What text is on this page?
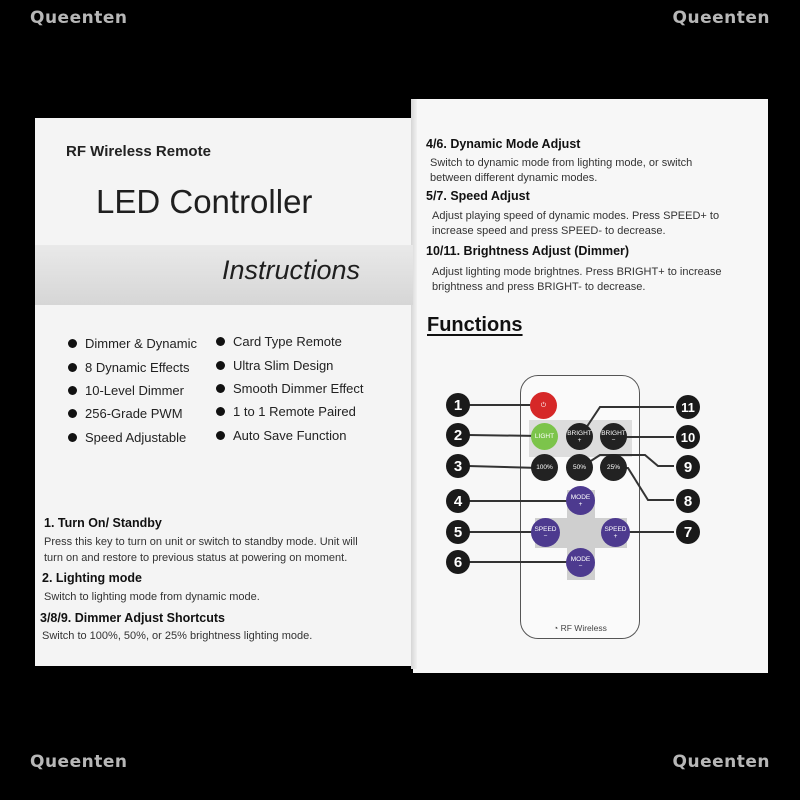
Queenten	Queenten
Queenten	Queenten
RF Wireless Remote
LED Controller
Instructions
Dimmer & Dynamic
8 Dynamic Effects
10-Level Dimmer
256-Grade PWM
Speed Adjustable
Card Type Remote
Ultra Slim Design
Smooth Dimmer Effect
1 to 1 Remote Paired
Auto Save Function
1. Turn On/ Standby
Press this key to turn on unit or switch to standby mode. Unit will
turn on and restore to previous status at powering on moment.
2. Lighting mode
Switch to lighting mode from dynamic mode.
3/8/9. Dimmer Adjust Shortcuts
Switch to 100%, 50%, or 25% brightness lighting mode.
4/6. Dynamic Mode Adjust
Switch to dynamic mode from lighting mode, or switch
between different dynamic modes.
5/7. Speed Adjust
Adjust playing speed of dynamic modes. Press SPEED+ to
increase speed and press SPEED- to decrease.
10/11. Brightness Adjust (Dimmer)
Adjust lighting mode brightnes. Press BRIGHT+ to increase
brightness and press BRIGHT- to decrease.
Functions
◔ RF Wireless
⏻
LIGHT	BRIGHT
+
BRIGHT
−
100%	50%	25%
MODE
+
SPEED
−
SPEED
+
MODE
−
1
2
3
4
5
6
7
8
9
10
11
